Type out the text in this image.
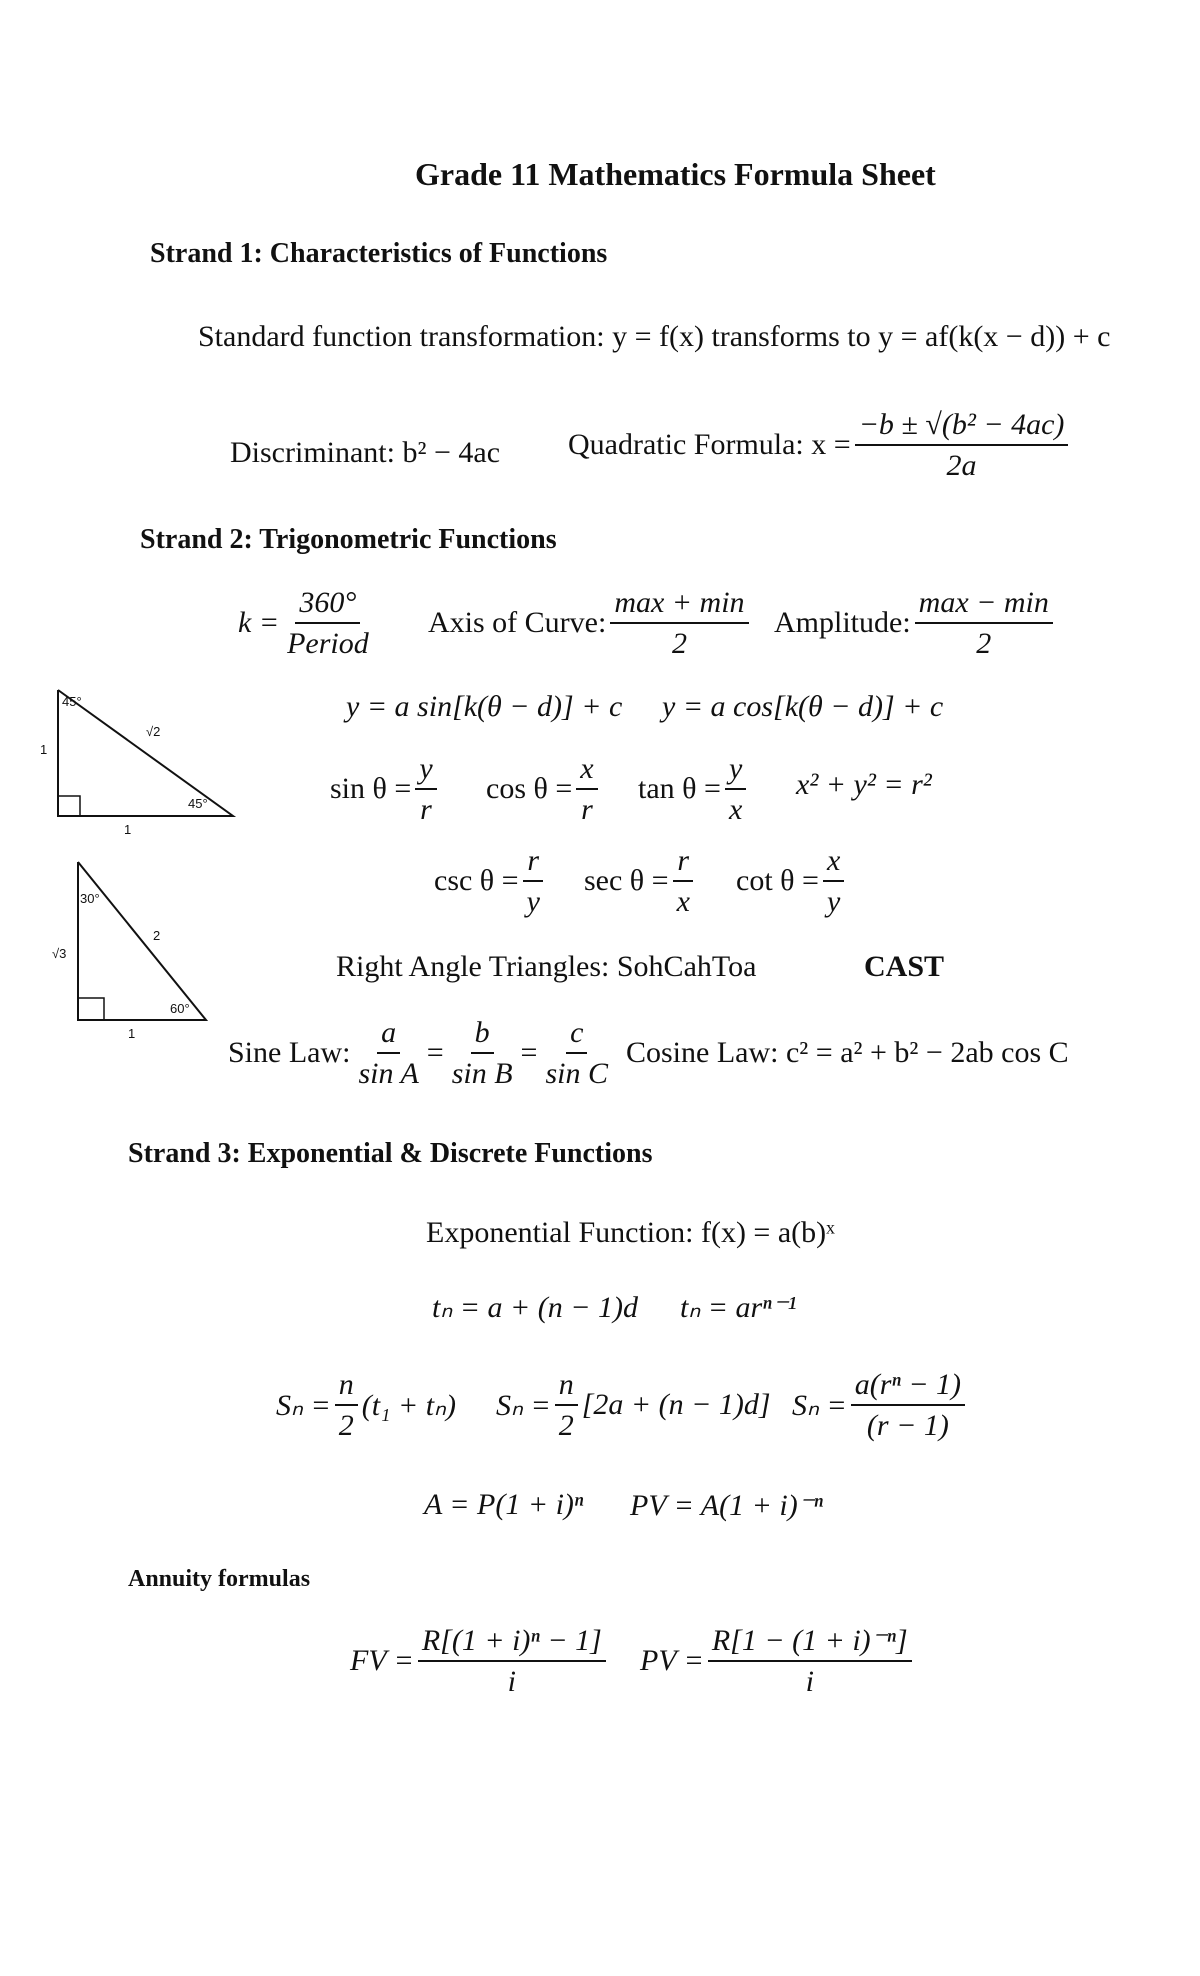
Grade 11 Mathematics Formula Sheet
Strand 1: Characteristics of Functions
Standard function transformation: y = f(x) transforms to y = af(k(x − d)) + c
Discriminant: b² − 4ac Quadratic Formula: $x = \frac{\text{−b ± √(b² − 4ac)}}{2a}$
Strand 2: Trigonometric Functions
$k = \frac{360^\circ}{\text{Period}}$ Axis of Curve: $\frac{\max + \min}{2}$ Amplitude: $\frac{\max - \min}{2}$
y = a sin[k(θ − d)] + c y = a cos[k(θ − d)] + c
$\sin \theta = \frac{y}{r}$ $\cos \theta = \frac{x}{r}$ $\tan \theta = \frac{y}{x} x^2 + y^2 = r^2$
$\csc \theta = \frac{r}{y}$ $\sec \theta = \frac{r}{x}$ $\cot \theta = \frac{x}{y}$
Right Angle Triangles: SohCahToa	CAST
Sine Law: $\frac{a}{\text{sin A}} = \frac{b}{\text{sin B}} = \frac{c}{\text{sin C}}$ Cosine Law: c² = a² + b² − 2ab cos C
45°
45°
√2
1
1
30°
60°
2
√3
1
Strand 3: Exponential & Discrete Functions
Exponential Function: f(x) = a(b)ˣ
tₙ = a + (n − 1)d tₙ = arⁿ⁻¹
$S_n = \frac{n}{2} (t_1 + t_n) S_n = \frac{n}{2} [2a + (n - 1)d] S_n = \frac{\text{a(rⁿ − 1)}}{(r - 1)}$
A = P(1 + i)ⁿ PV = A(1 + i)⁻ⁿ
Annuity formulas
FV = $\frac{\text{R[(1 + i)ⁿ − 1]}}{i}$ PV = $\frac{\text{R[1 − (1 + i)⁻ⁿ]}}{i}$
